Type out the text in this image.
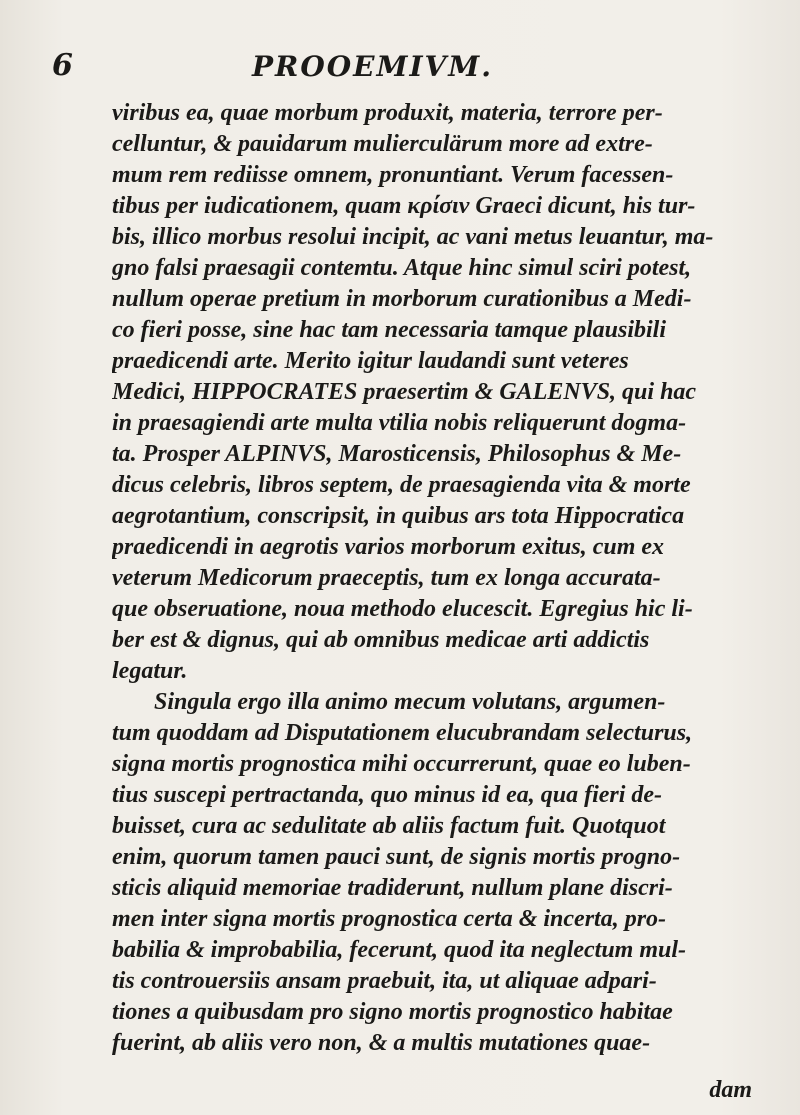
6	PROOEMIVM.
viribus ea, quae morbum produxit, materia, terrore per-
celluntur, & pauidarum mulierculärum more ad extre-
mum rem rediisse omnem, pronuntiant. Verum facessen-
tibus per iudicationem, quam κρίσιν Graeci dicunt, his tur-
bis, illico morbus resolui incipit, ac vani metus leuantur, ma-
gno falsi praesagii contemtu. Atque hinc simul sciri potest,
nullum operae pretium in morborum curationibus a Medi-
co fieri posse, sine hac tam necessaria tamque plausibili
praedicendi arte. Merito igitur laudandi sunt veteres
Medici, HIPPOCRATES praesertim & GALENVS, qui hac
in praesagiendi arte multa vtilia nobis reliquerunt dogma-
ta. Prosper ALPINVS, Marosticensis, Philosophus & Me-
dicus celebris, libros septem, de praesagienda vita & morte
aegrotantium, conscripsit, in quibus ars tota Hippocratica
praedicendi in aegrotis varios morborum exitus, cum ex
veterum Medicorum praeceptis, tum ex longa accurata-
que obseruatione, noua methodo elucescit. Egregius hic li-
ber est & dignus, qui ab omnibus medicae arti addictis
legatur.
Singula ergo illa animo mecum volutans, argumen-
tum quoddam ad Disputationem elucubrandam selecturus,
signa mortis prognostica mihi occurrerunt, quae eo luben-
tius suscepi pertractanda, quo minus id ea, qua fieri de-
buisset, cura ac sedulitate ab aliis factum fuit. Quotquot
enim, quorum tamen pauci sunt, de signis mortis progno-
sticis aliquid memoriae tradiderunt, nullum plane discri-
men inter signa mortis prognostica certa & incerta, pro-
babilia & improbabilia, fecerunt, quod ita neglectum mul-
tis controuersiis ansam praebuit, ita, ut aliquae adpari-
tiones a quibusdam pro signo mortis prognostico habitae
fuerint, ab aliis vero non, & a multis mutationes quae-
dam
